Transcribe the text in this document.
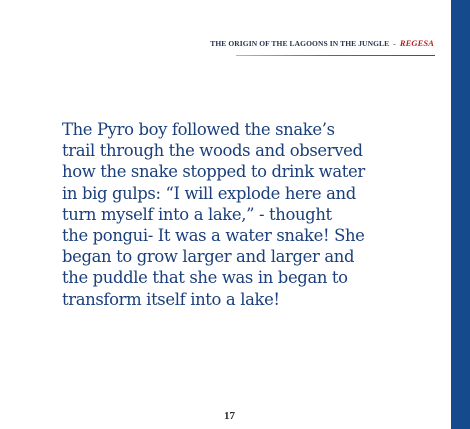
THE ORIGIN OF THE LAGOONS IN THE JUNGLE - REGESA

The Pyro boy followed the snake’s
trail through the woods and observed
how the snake stopped to drink water
in big gulps: “I will explode here and
turn myself into a lake,” - thought
the pongui- It was a water snake! She
began to grow larger and larger and
the puddle that she was in began to
transform itself into a lake!

17
